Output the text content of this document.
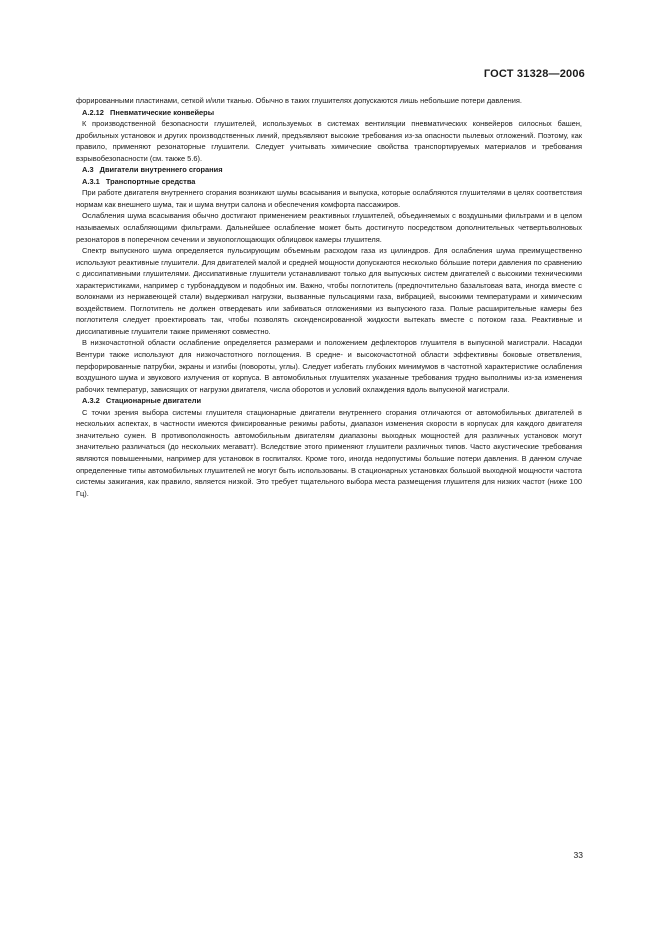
ГОСТ 31328—2006

форированными пластинами, сеткой и/или тканью. Обычно в таких глушителях допускаются лишь небольшие потери давления.

А.2.12 Пневматические конвейеры

К производственной безопасности глушителей, используемых в системах вентиляции пневматических конвейеров силосных башен, дробильных установок и других производственных линий, предъявляют высокие требования из-за опасности пылевых отложений. Поэтому, как правило, применяют резонаторные глушители. Следует учитывать химические свойства транспортируемых материалов и требования взрывобезопасности (см. также 5.6).

А.3 Двигатели внутреннего сгорания
А.3.1 Транспортные средства

При работе двигателя внутреннего сгорания возникают шумы всасывания и выпуска, которые ослабляются глушителями в целях соответствия нормам как внешнего шума, так и шума внутри салона и обеспечения комфорта пассажиров.

Ослабления шума всасывания обычно достигают применением реактивных глушителей, объединяемых с воздушными фильтрами и в целом называемых ослабляющими фильтрами. Дальнейшее ослабление может быть достигнуто посредством дополнительных четвертьволновых резонаторов в поперечном сечении и звукопоглощающих облицовок камеры глушителя.

Спектр выпускного шума определяется пульсирующим объемным расходом газа из цилиндров. Для ослабления шума преимущественно используют реактивные глушители. Для двигателей малой и средней мощности допускаются несколько бо́льшие потери давления по сравнению с диссипативными глушителями. Диссипативные глушители устанавливают только для выпускных систем двигателей с высокими техническими характеристиками, например с турбонаддувом и подобных им. Важно, чтобы поглотитель (предпочтительно базальтовая вата, иногда вместе с волокнами из нержавеющей стали) выдерживал нагрузки, вызванные пульсациями газа, вибрацией, высокими температурами и химическим воздействием. Поглотитель не должен отвердевать или забиваться отложениями из выпускного газа. Полые расширительные камеры без поглотителя следует проектировать так, чтобы позволять сконденсированной жидкости вытекать вместе с потоком газа. Реактивные и диссипативные глушители также применяют совместно.

В низкочастотной области ослабление определяется размерами и положением дефлекторов глушителя в выпускной магистрали. Насадки Вентури также используют для низкочастотного поглощения. В средне- и высокочастотной области эффективны боковые ответвления, перфорированные патрубки, экраны и изгибы (повороты, углы). Следует избегать глубоких минимумов в частотной характеристике ослабления воздушного шума и звукового излучения от корпуса. В автомобильных глушителях указанные требования трудно выполнимы из-за изменения рабочих температур, зависящих от нагрузки двигателя, числа оборотов и условий охлаждения вдоль выпускной магистрали.

А.3.2 Стационарные двигатели

С точки зрения выбора системы глушителя стационарные двигатели внутреннего сгорания отличаются от автомобильных двигателей в нескольких аспектах, в частности имеются фиксированные режимы работы, диапазон изменения скорости в корпусах для каждого двигателя значительно сужен. В противоположность автомобильным двигателям диапазоны выходных мощностей для различных установок могут значительно различаться (до нескольких мегаватт). Вследствие этого применяют глушители различных типов. Часто акустические требования являются повышенными, например для установок в госпиталях. Кроме того, иногда недопустимы большие потери давления. В данном случае определенные типы автомобильных глушителей не могут быть использованы. В стационарных установках большой выходной мощности частота системы зажигания, как правило, является низкой. Это требует тщательного выбора места размещения глушителя для низких частот (ниже 100 Гц).

33
